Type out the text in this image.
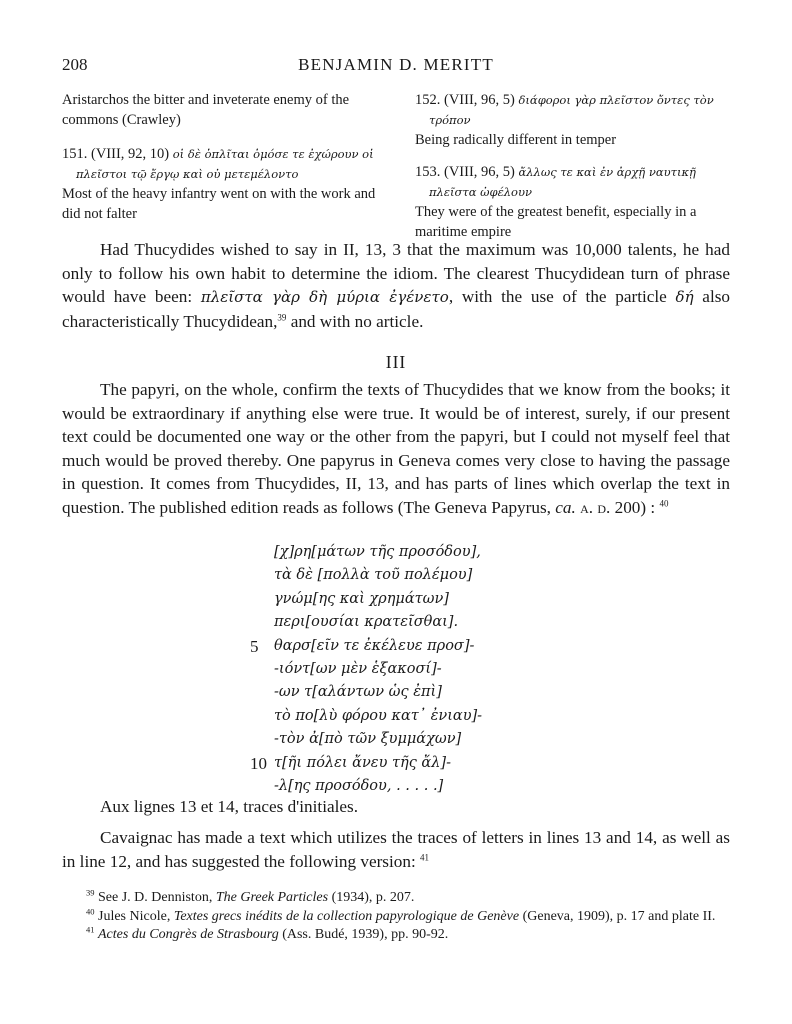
208	BENJAMIN D. MERITT
Aristarchos the bitter and inveterate enemy of the commons (Crawley)
151. (VIII, 92, 10) οἱ δὲ ὁπλῖται ὁμόσε τε ἐχώρουν οἱ πλεῖστοι τῷ ἔργῳ καὶ οὐ μετεμέλοντο
Most of the heavy infantry went on with the work and did not falter
152. (VIII, 96, 5) διάφοροι γὰρ πλεῖστον ὄντες τὸν τρόπον
Being radically different in temper
153. (VIII, 96, 5) ἄλλως τε καὶ ἐν ἀρχῇ ναυτικῇ πλεῖστα ὠφέλουν
They were of the greatest benefit, especially in a maritime empire

Had Thucydides wished to say in II, 13, 3 that the maximum was 10,000 talents, he had only to follow his own habit to determine the idiom. The clearest Thucydidean turn of phrase would have been: πλεῖστα γὰρ δὴ μύρια ἐγένετο, with the use of the particle δή also characteristically Thucydidean,$^{39}$ and with no article.

III

The papyri, on the whole, confirm the texts of Thucydides that we know from the books; it would be extraordinary if anything else were true. It would be of interest, surely, if our present text could be documented one way or the other from the papyri, but I could not myself feel that much would be proved thereby. One papyrus in Geneva comes very close to having the passage in question. It comes from Thucydides, II, 13, and has parts of lines which overlap the text in question. The published edition reads as follows (The Geneva Papyrus, ca. a. d. 200) : $^{40}$

[χ]ρη[μάτων τῆς προσόδου],
τὰ δὲ [πολλὰ τοῦ πολέμου]
γνώμ[ης καὶ χρημάτων]
περι[ουσίαι κρατεῖσθαι].
5 θαρσ[εῖν τε ἐκέλευε προσ]-
-ιόντ[ων μὲν ἑξακοσί]-
-ων τ[αλάντων ὡς ἐπὶ]
τὸ πο[λὺ φόρου κατ᾽ ἐνιαυ]-
-τὸν ἀ[πὸ τῶν ξυμμάχων]
10 τ[ῆι πόλει ἄνευ τῆς ἄλ]-
-λ[ης προσόδου, . . . . .]
Aux lignes 13 et 14, traces d'initiales.

Cavaignac has made a text which utilizes the traces of letters in lines 13 and 14, as well as in line 12, and has suggested the following version: $^{41}$

$^{39}$ See J. D. Denniston, The Greek Particles (1934), p. 207.

$^{40}$ Jules Nicole, Textes grecs inédits de la collection papyrologique de Genève (Geneva, 1909), p. 17 and plate II.

$^{41}$ Actes du Congrès de Strasbourg (Ass. Budé, 1939), pp. 90-92.
